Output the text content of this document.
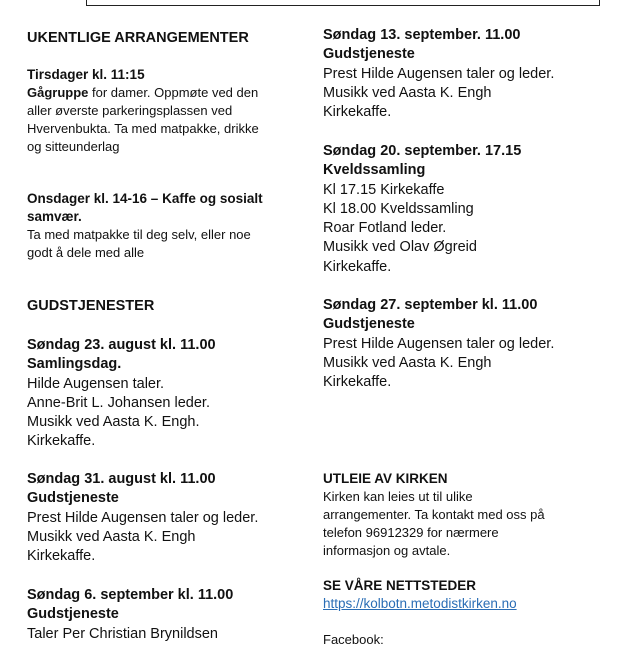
UKENTLIGE ARRANGEMENTER
Tirsdager kl. 11:15
Gågruppe for damer. Oppmøte ved den
aller øverste parkeringsplassen ved
Hvervenbukta. Ta med matpakke, drikke
og sitteunderlag
Onsdager kl. 14-16 – Kaffe og sosialt
samvær.
Ta med matpakke til deg selv, eller noe
godt å dele med alle
GUDSTJENESTER
Søndag 23. august kl. 11.00
Samlingsdag.
Hilde Augensen taler.
Anne-Brit L. Johansen leder.
Musikk ved Aasta K. Engh.
Kirkekaffe.
Søndag 31. august kl. 11.00
Gudstjeneste
Prest Hilde Augensen taler og leder.
Musikk ved Aasta K. Engh
Kirkekaffe.
Søndag 6. september kl. 11.00
Gudstjeneste
Taler Per Christian Brynildsen
Søndag 13. september. 11.00
Gudstjeneste
Prest Hilde Augensen taler og leder.
Musikk ved Aasta K. Engh
Kirkekaffe.
Søndag 20. september. 17.15
Kveldssamling
Kl 17.15 Kirkekaffe
Kl 18.00 Kveldssamling
Roar Fotland leder.
Musikk ved Olav Øgreid
Kirkekaffe.
Søndag 27. september kl. 11.00
Gudstjeneste
Prest Hilde Augensen taler og leder.
Musikk ved Aasta K. Engh
Kirkekaffe.
UTLEIE AV KIRKEN
Kirken kan leies ut til ulike
arrangementer. Ta kontakt med oss på
telefon 96912329 for nærmere
informasjon og avtale.
SE VÅRE NETTSTEDER
https://kolbotn.metodistkirken.no
Facebook:
